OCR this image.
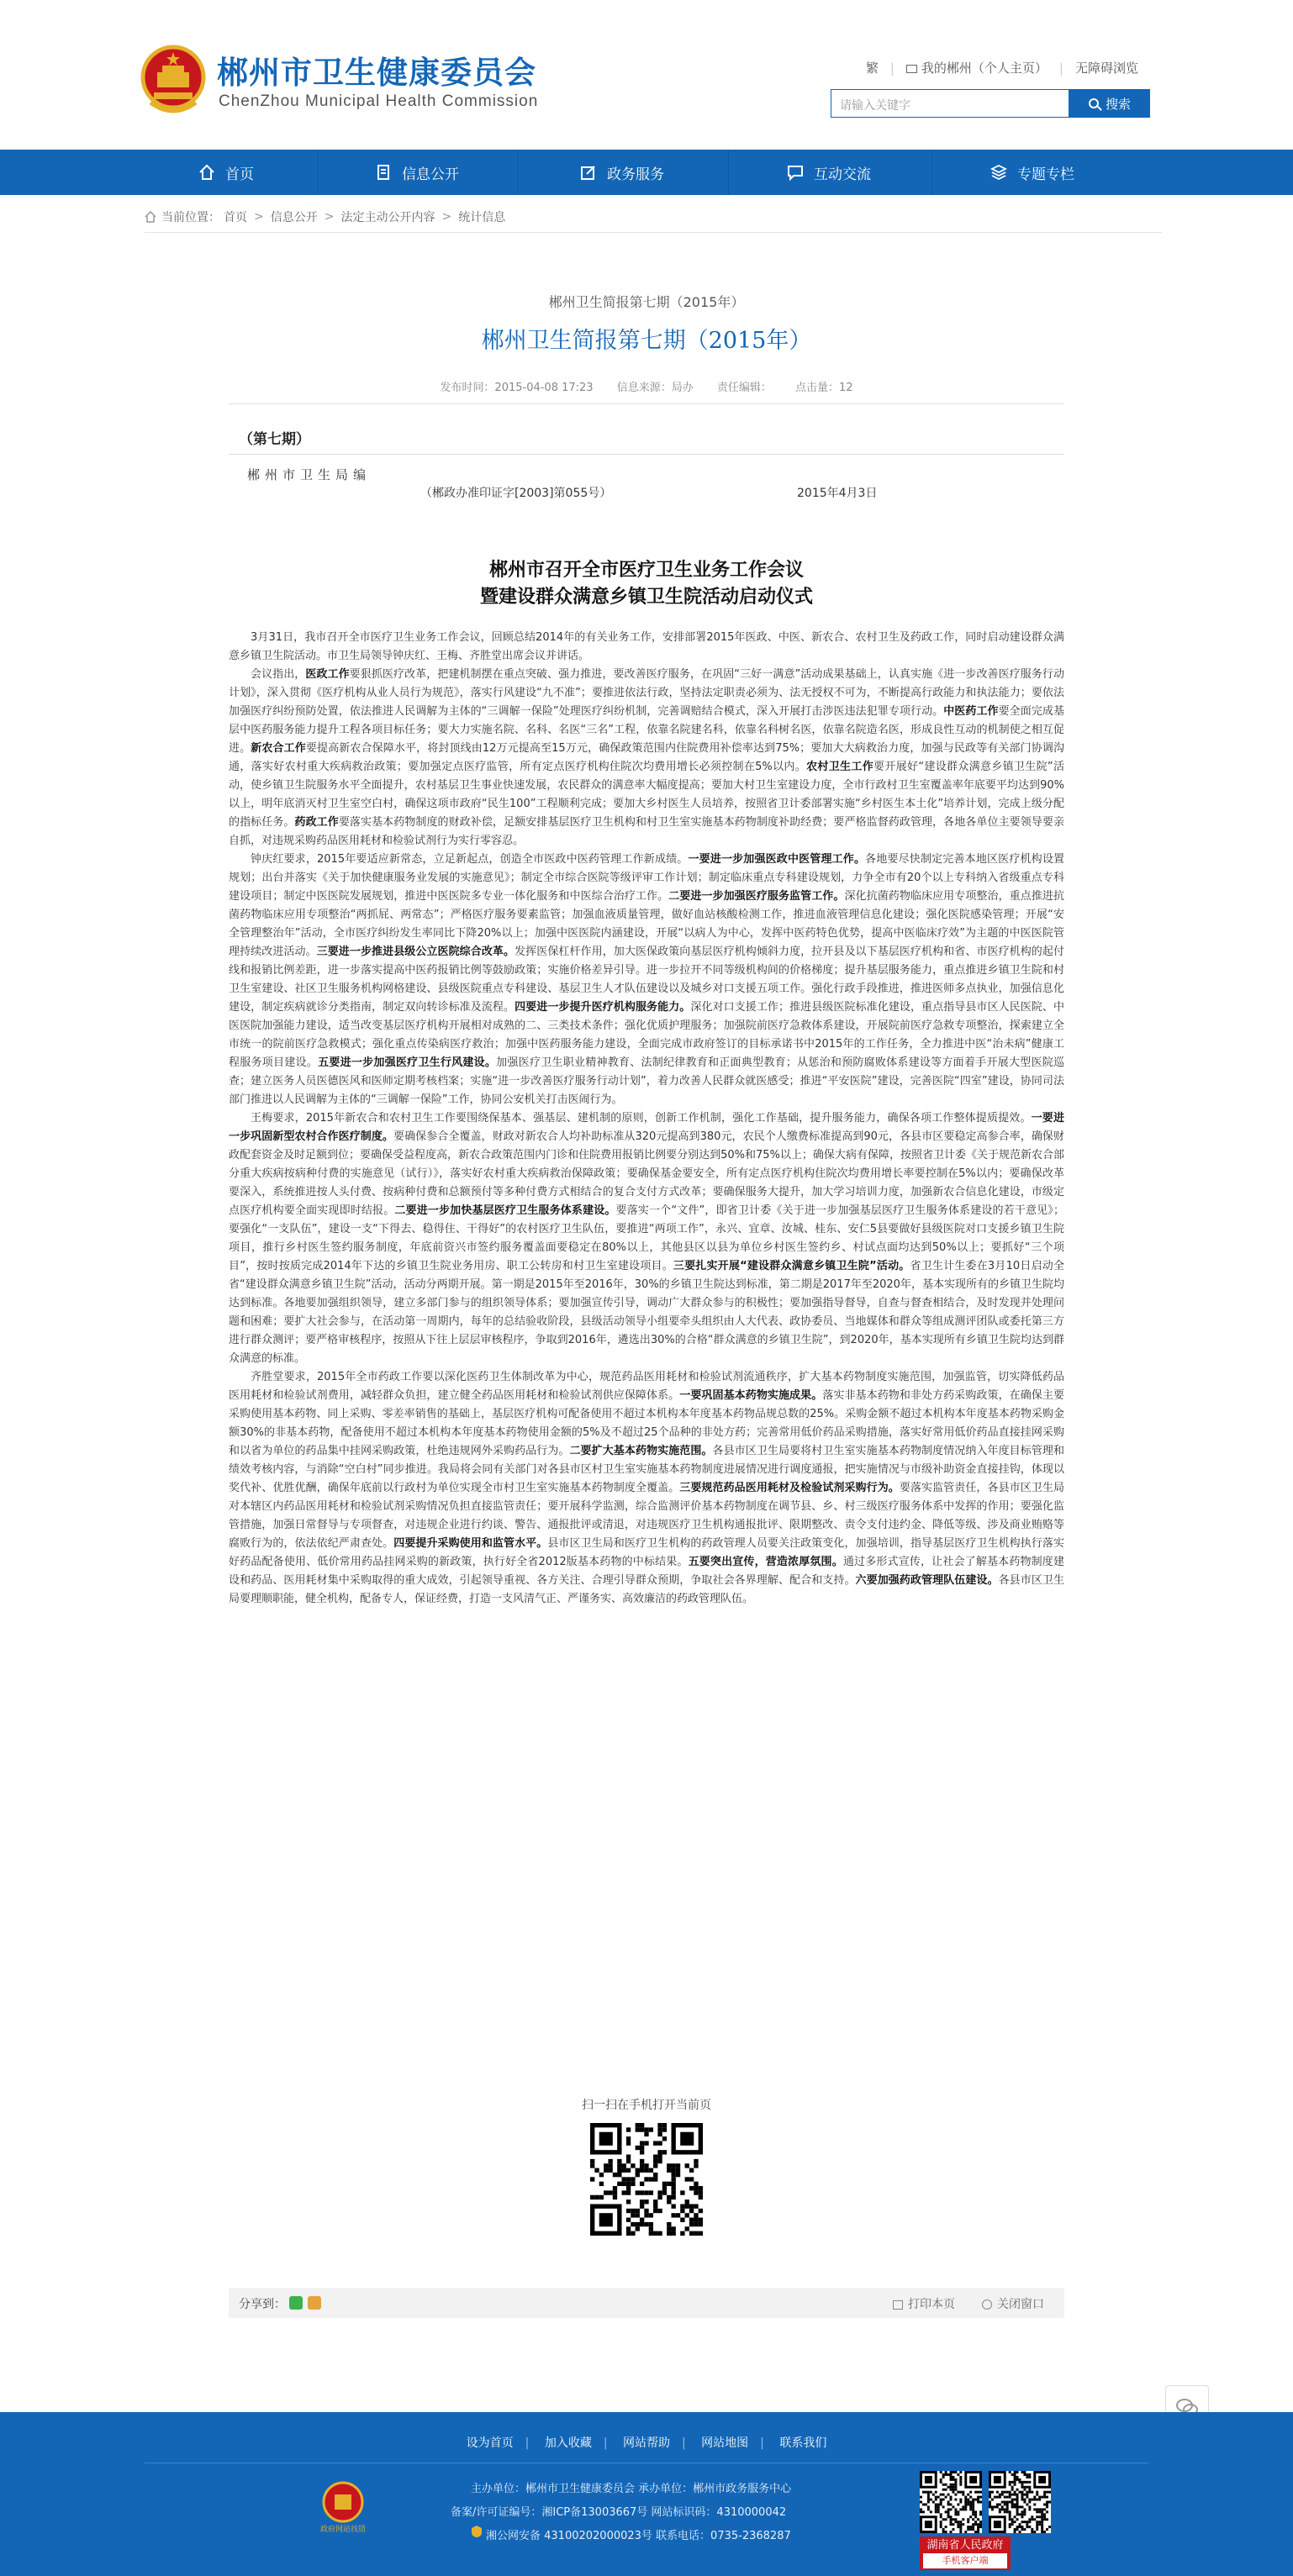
郴州市卫生健康委员会
ChenZhou Municipal Health Commission
繁 |	我的郴州（个人主页） | 无障碍浏览
请输入关键字	搜索
首页	信息公开	政务服务	互动交流	专题专栏
当前位置： 首页 > 信息公开 > 法定主动公开内容 > 统计信息
郴州卫生简报第七期（2015年）
郴州卫生简报第七期（2015年）
发布时间：2015-04-08 17:23 信息来源：局办 责任编辑： 点击量：12
（第七期）
郴州市卫生局编
（郴政办准印证字[2003]第055号）	2015年4月3日
郴州市召开全市医疗卫生业务工作会议
暨建设群众满意乡镇卫生院活动启动仪式

3月31日，我市召开全市医疗卫生业务工作会议，回顾总结2014年的有关业务工作，安排部署2015年医政、中医、新农合、农村卫生及药政工作，同时启动建设群众满意乡镇卫生院活动。市卫生局领导钟庆红、王梅、齐胜堂出席会议并讲话。

会议指出，医政工作要狠抓医疗改革，把建机制摆在重点突破、强力推进，要改善医疗服务，在巩固“三好一满意”活动成果基础上，认真实施《进一步改善医疗服务行动计划》，深入贯彻《医疗机构从业人员行为规范》，落实行风建设“九不准”；要推进依法行政，坚持法定职责必须为、法无授权不可为，不断提高行政能力和执法能力；要依法加强医疗纠纷预防处置，依法推进人民调解为主体的“三调解一保险”处理医疗纠纷机制，完善调赔结合模式，深入开展打击涉医违法犯罪专项行动。中医药工作要全面完成基层中医药服务能力提升工程各项目标任务；要大力实施名院、名科、名医“三名”工程，依靠名院建名科，依靠名科树名医，依靠名院造名医，形成良性互动的机制使之相互促进。新农合工作要提高新农合保障水平，将封顶线由12万元提高至15万元，确保政策范围内住院费用补偿率达到75%；要加大大病救治力度，加强与民政等有关部门协调沟通，落实好农村重大疾病救治政策；要加强定点医疗监管，所有定点医疗机构住院次均费用增长必须控制在5%以内。农村卫生工作要开展好“建设群众满意乡镇卫生院”活动，使乡镇卫生院服务水平全面提升，农村基层卫生事业快速发展，农民群众的满意率大幅度提高；要加大村卫生室建设力度，全市行政村卫生室覆盖率年底要平均达到90%以上，明年底消灭村卫生室空白村，确保这项市政府“民生100”工程顺利完成；要加大乡村医生人员培养，按照省卫计委部署实施“乡村医生本土化”培养计划，完成上级分配的指标任务。药政工作要落实基本药物制度的财政补偿，足额安排基层医疗卫生机构和村卫生室实施基本药物制度补助经费；要严格监督药政管理，各地各单位主要领导要亲自抓，对违规采购药品医用耗材和检验试剂行为实行零容忍。

钟庆红要求，2015年要适应新常态，立足新起点，创造全市医政中医药管理工作新成绩。一要进一步加强医政中医管理工作。各地要尽快制定完善本地区医疗机构设置规划；出台并落实《关于加快健康服务业发展的实施意见》；制定全市综合医院等级评审工作计划；制定临床重点专科建设规划，力争全市有20个以上专科纳入省级重点专科建设项目；制定中医医院发展规划，推进中医医院多专业一体化服务和中医综合治疗工作。二要进一步加强医疗服务监管工作。深化抗菌药物临床应用专项整治，重点推进抗菌药物临床应用专项整治“两抓屁、两常态”；严格医疗服务要素监管；加强血液质量管理，做好血站核酸检测工作，推进血液管理信息化建设；强化医院感染管理；开展“安全管理整治年”活动，全市医疗纠纷发生率同比下降20%以上；加强中医医院内涵建设，开展“以病人为中心，发挥中医药特色优势，提高中医临床疗效”为主题的中医医院管理持续改进活动。三要进一步推进县级公立医院综合改革。发挥医保杠杆作用，加大医保政策向基层医疗机构倾斜力度，拉开县及以下基层医疗机构和省、市医疗机构的起付线和报销比例差距，进一步落实提高中医药报销比例等鼓励政策；实施价格差异引导。进一步拉开不同等级机构间的价格梯度；提升基层服务能力，重点推进乡镇卫生院和村卫生室建设、社区卫生服务机构网格建设、县级医院重点专科建设、基层卫生人才队伍建设以及城乡对口支援五项工作。强化行政手段推进，推进医师多点执业，加强信息化建设，制定疾病就诊分类指南，制定双向转诊标准及流程。四要进一步提升医疗机构服务能力。深化对口支援工作；推进县级医院标准化建设，重点指导县市区人民医院、中医医院加强能力建设，适当改变基层医疗机构开展相对成熟的二、三类技术条件；强化优质护理服务；加强院前医疗急救体系建设，开展院前医疗急救专项整治，探索建立全市统一的院前医疗急救模式；强化重点传染病医疗救治；加强中医药服务能力建设，全面完成市政府签订的目标承诺书中2015年的工作任务，全力推进中医“治未病”健康工程服务项目建设。五要进一步加强医疗卫生行风建设。加强医疗卫生职业精神教育、法制纪律教育和正面典型教育；从惩治和预防腐败体系建设等方面着手开展大型医院巡查；建立医务人员医德医风和医师定期考核档案；实施“进一步改善医疗服务行动计划”，着力改善人民群众就医感受；推进“平安医院”建设，完善医院“四室”建设，协同司法部门推进以人民调解为主体的“三调解一保险”工作，协同公安机关打击医闹行为。

王梅要求，2015年新农合和农村卫生工作要围绕保基本、强基层、建机制的原则，创新工作机制，强化工作基础，提升服务能力，确保各项工作整体提质提效。一要进一步巩固新型农村合作医疗制度。要确保参合全覆盖，财政对新农合人均补助标准从320元提高到380元，农民个人缴费标准提高到90元，各县市区要稳定高参合率，确保财政配套资金及时足额到位；要确保受益程度高，新农合政策范围内门诊和住院费用报销比例要分别达到50%和75%以上；确保大病有保障，按照省卫计委《关于规范新农合部分重大疾病按病种付费的实施意见（试行）》，落实好农村重大疾病救治保障政策；要确保基金要安全，所有定点医疗机构住院次均费用增长率要控制在5%以内；要确保改革要深入，系统推进按人头付费、按病种付费和总额预付等多种付费方式相结合的复合支付方式改革；要确保服务大提升，加大学习培训力度，加强新农合信息化建设，市级定点医疗机构要全面实现即时结报。二要进一步加快基层医疗卫生服务体系建设。要落实一个“文件”，即省卫计委《关于进一步加强基层医疗卫生服务体系建设的若干意见》；要强化“一支队伍”，建设一支“下得去、稳得住、干得好”的农村医疗卫生队伍，要推进“两项工作”，永兴、宜章、汝城、桂东、安仁5县要做好县级医院对口支援乡镇卫生院项目，推行乡村医生签约服务制度，年底前资兴市签约服务覆盖面要稳定在80%以上，其他县区以县为单位乡村医生签约乡、村试点面均达到50%以上；要抓好“三个项目”，按时按质完成2014年下达的乡镇卫生院业务用房、职工公转房和村卫生室建设项目。三要扎实开展“建设群众满意乡镇卫生院”活动。省卫生计生委在3月10日启动全省“建设群众满意乡镇卫生院”活动，活动分两期开展。第一期是2015年至2016年，30%的乡镇卫生院达到标准，第二期是2017年至2020年，基本实现所有的乡镇卫生院均达到标准。各地要加强组织领导，建立多部门参与的组织领导体系；要加强宣传引导，调动广大群众参与的积极性；要加强指导督导，自查与督查相结合，及时发现并处理问题和困难；要扩大社会参与，在活动第一周期内，每年的总结验收阶段，县级活动领导小组要牵头组织由人大代表、政协委员、当地媒体和群众等组成测评团队或委托第三方进行群众测评；要严格审核程序，按照从下往上层层审核程序，争取到2016年，遴选出30%的合格“群众满意的乡镇卫生院”，到2020年，基本实现所有乡镇卫生院均达到群众满意的标准。

齐胜堂要求，2015年全市药政工作要以深化医药卫生体制改革为中心，规范药品医用耗材和检验试剂流通秩序，扩大基本药物制度实施范围，加强监管，切实降低药品医用耗材和检验试剂费用，减轻群众负担，建立健全药品医用耗材和检验试剂供应保障体系。一要巩固基本药物实施成果。落实非基本药物和非处方药采购政策，在确保主要采购使用基本药物、同上采购、零差率销售的基础上，基层医疗机构可配备使用不超过本机构本年度基本药物品规总数的25%。采购金额不超过本机构本年度基本药物采购金额30%的非基本药物，配备使用不超过本机构本年度基本药物使用金额的5%及不超过25个品种的非处方药；完善常用低价药品采购措施，落实好常用低价药品直接挂网采购和以省为单位的药品集中挂网采购政策，杜绝违规网外采购药品行为。二要扩大基本药物实施范围。各县市区卫生局要将村卫生室实施基本药物制度情况纳入年度目标管理和绩效考核内容，与消除“空白村”同步推进。我局将会同有关部门对各县市区村卫生室实施基本药物制度进展情况进行调度通报，把实施情况与市级补助资金直接挂钩，体现以奖代补、优胜优酬，确保年底前以行政村为单位实现全市村卫生室实施基本药物制度全覆盖。三要规范药品医用耗材及检验试剂采购行为。要落实监管责任，各县市区卫生局对本辖区内药品医用耗材和检验试剂采购情况负担直接监管责任；要开展科学监测，综合监测评价基本药物制度在调节县、乡、村三级医疗服务体系中发挥的作用；要强化监管措施，加强日常督导与专项督查，对违规企业进行约谈、警告、通报批评或清退，对违规医疗卫生机构通报批评、限期整改、责令支付违约金、降低等级、涉及商业贿赂等腐败行为的，依法依纪严肃查处。四要提升采购使用和监管水平。县市区卫生局和医疗卫生机构的药政管理人员要关注政策变化，加强培训，指导基层医疗卫生机构执行落实好药品配备使用、低价常用药品挂网采购的新政策，执行好全省2012版基本药物的中标结果。五要突出宣传，营造浓厚氛围。通过多形式宣传，让社会了解基本药物制度建设和药品、医用耗材集中采购取得的重大成效，引起领导重视、各方关注、合理引导群众预期，争取社会各界理解、配合和支持。六要加强药政管理队伍建设。各县市区卫生局要理顺职能，健全机构，配备专人，保证经费，打造一支风清气正、严谨务实、高效廉洁的药政管理队伍。

扫一扫在手机打开当前页
分享到：	打印本页	关闭窗口
设为首页 | 加入收藏 | 网站帮助 | 网站地图 | 联系我们
政府网站找错
主办单位：郴州市卫生健康委员会 承办单位：郴州市政务服务中心
备案/许可证编号：湘ICP备13003667号 网站标识码：4310000042
湘公网安备 43100202000023号 联系电话：0735-2368287
湖南省人民政府
手机客户端
